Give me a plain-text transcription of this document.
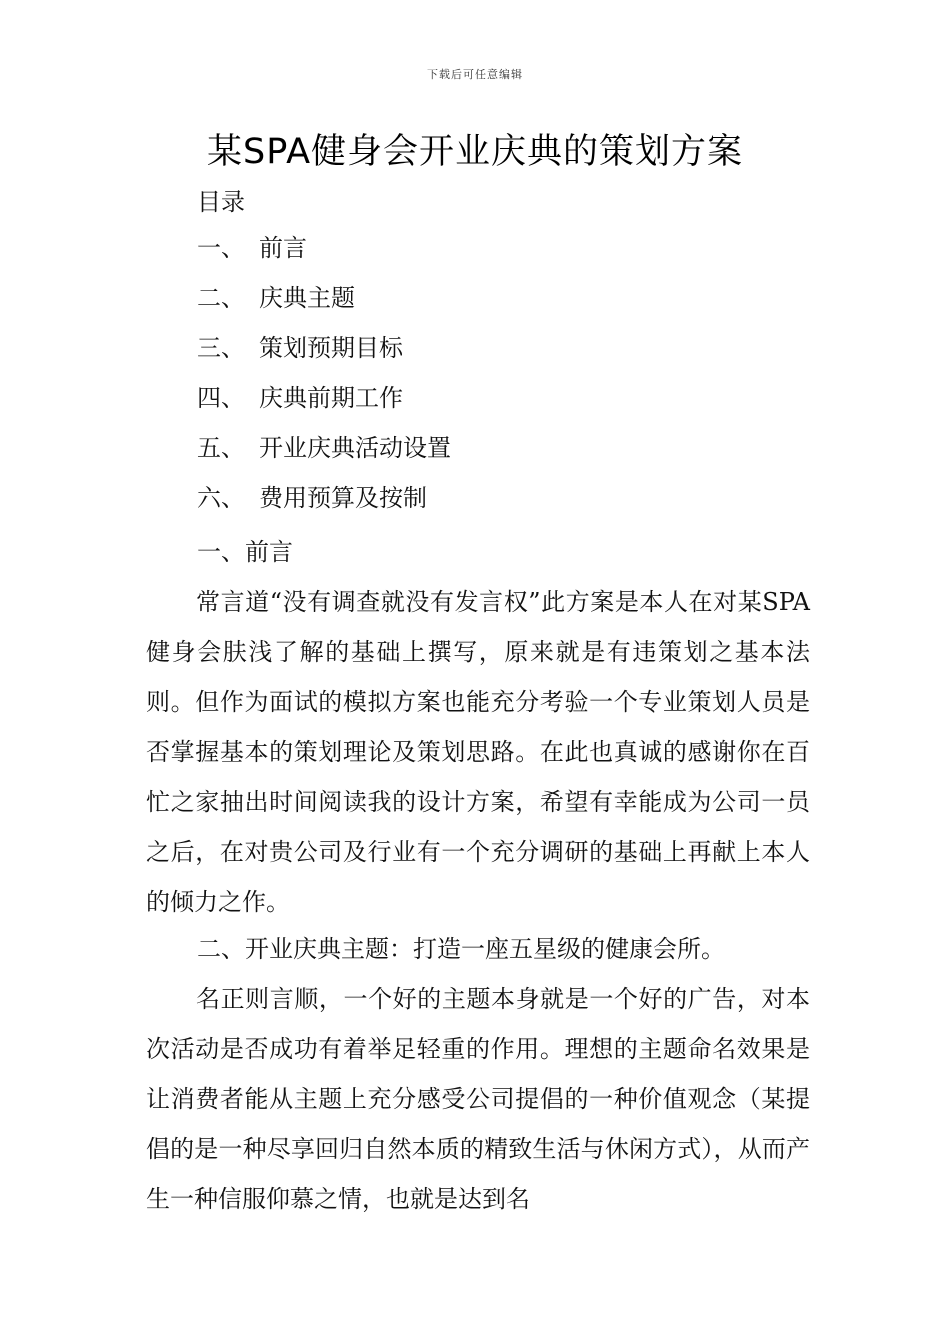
下载后可任意编辑
某SPA健身会开业庆典的策划方案
目录
一、 前言
二、 庆典主题
三、 策划预期目标
四、 庆典前期工作
五、 开业庆典活动设置
六、 费用预算及按制
一、前言

常言道“没有调查就没有发言权”此方案是本人在对某SPA健身会肤浅了解的基础上撰写，原来就是有违策划之基本法则。但作为面试的模拟方案也能充分考验一个专业策划人员是否掌握基本的策划理论及策划思路。在此也真诚的感谢你在百忙之家抽出时间阅读我的设计方案，希望有幸能成为公司一员之后，在对贵公司及行业有一个充分调研的基础上再献上本人的倾力之作。

二、开业庆典主题：打造一座五星级的健康会所。

名正则言顺，一个好的主题本身就是一个好的广告，对本次活动是否成功有着举足轻重的作用。理想的主题命名效果是让消费者能从主题上充分感受公司提倡的一种价值观念（某提倡的是一种尽享回归自然本质的精致生活与休闲方式），从而产生一种信服仰慕之情，也就是达到名
